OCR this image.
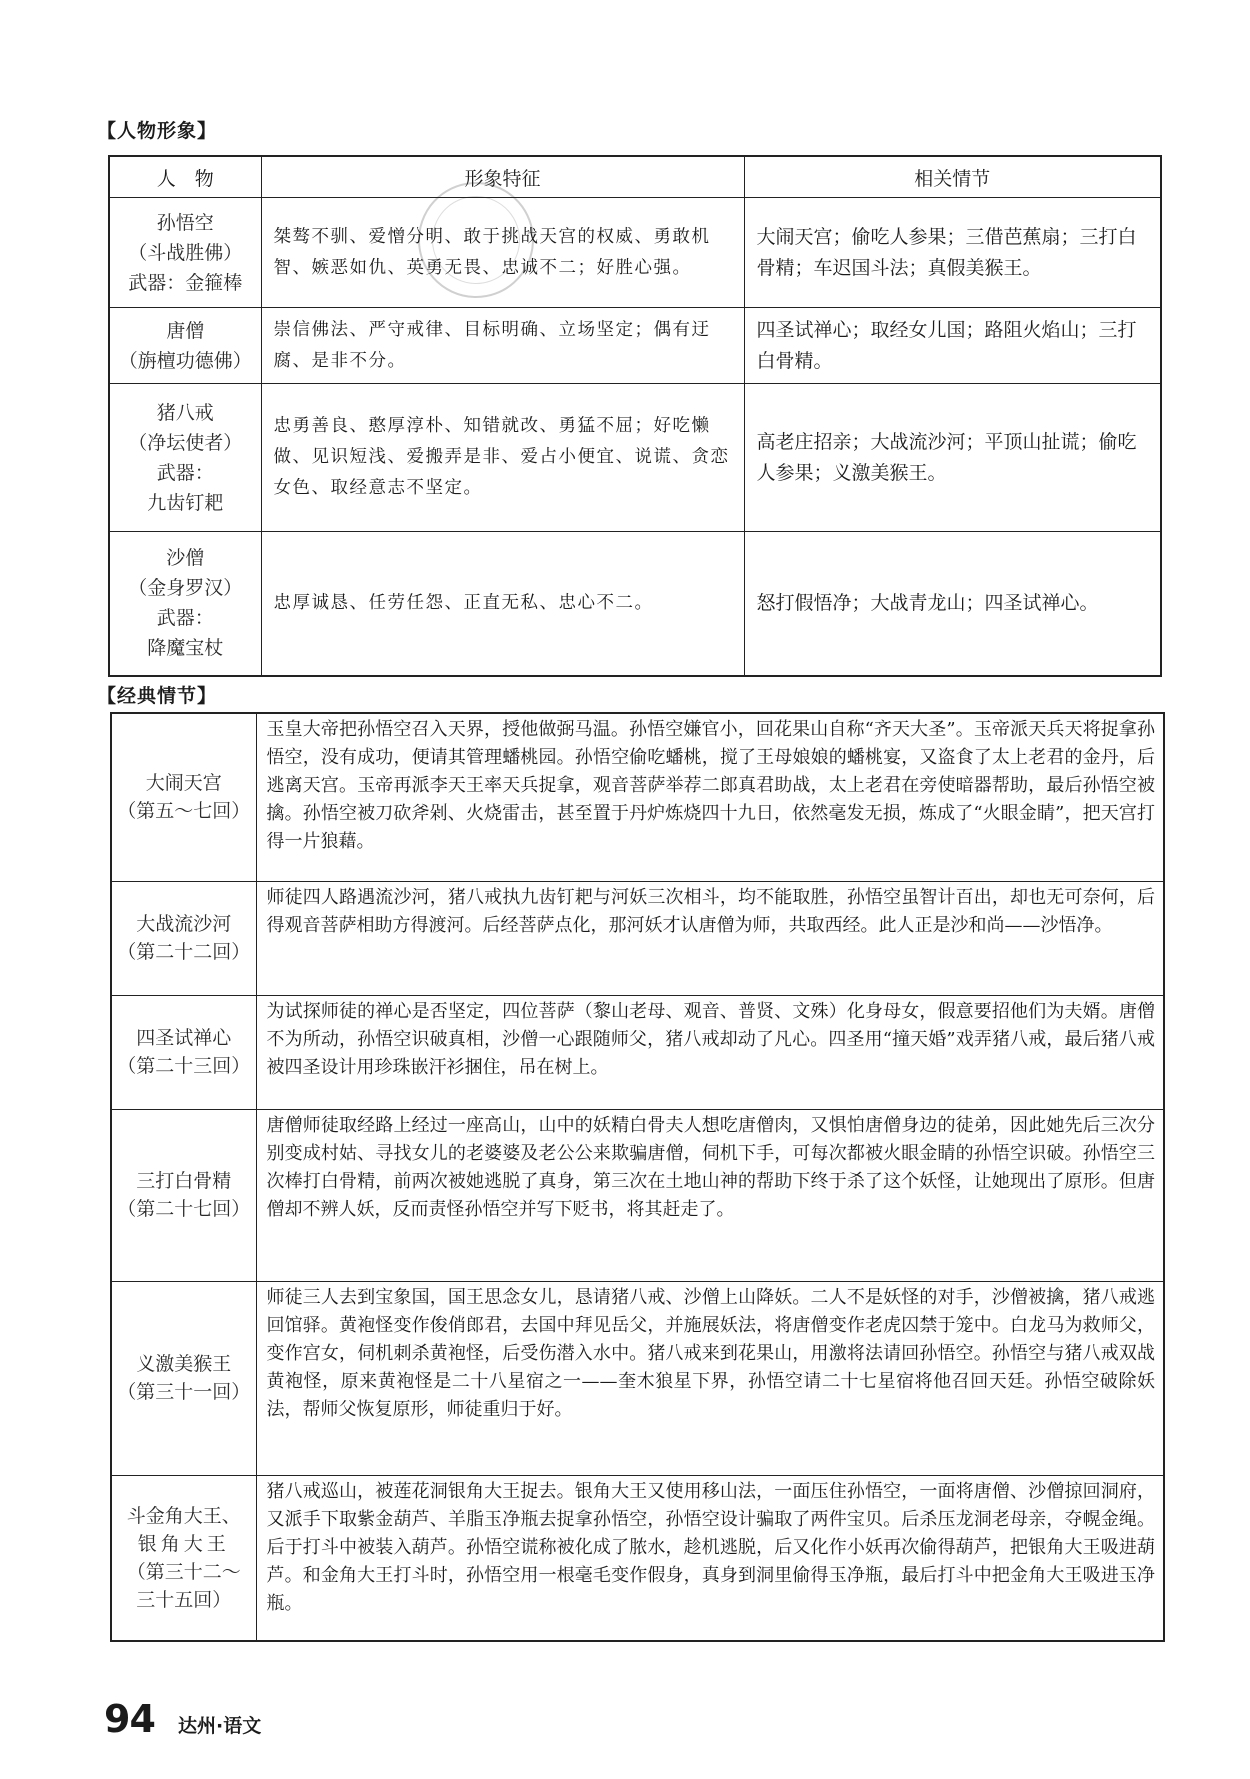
【人物形象】
人　物	形象特征	相关情节

孙悟空
（斗战胜佛）
武器：金箍棒	桀骜不驯、爱憎分明、敢于挑战天宫的权威、勇敢机智、嫉恶如仇、英勇无畏、忠诚不二；好胜心强。	大闹天宫；偷吃人参果；三借芭蕉扇；三打白骨精；车迟国斗法；真假美猴王。

唐僧
（旃檀功德佛）	崇信佛法、严守戒律、目标明确、立场坚定；偶有迂腐、是非不分。	四圣试禅心；取经女儿国；路阻火焰山；三打白骨精。

猪八戒
（净坛使者）
武器：
九齿钉耙	忠勇善良、憨厚淳朴、知错就改、勇猛不屈；好吃懒做、见识短浅、爱搬弄是非、爱占小便宜、说谎、贪恋女色、取经意志不坚定。	高老庄招亲；大战流沙河；平顶山扯谎；偷吃人参果；义激美猴王。

沙僧
（金身罗汉）
武器：
降魔宝杖	忠厚诚恳、任劳任怨、正直无私、忠心不二。	怒打假悟净；大战青龙山；四圣试禅心。
【经典情节】
大闹天宫
（第五～七回）	玉皇大帝把孙悟空召入天界，授他做弼马温。孙悟空嫌官小，回花果山自称“齐天大圣”。玉帝派天兵天将捉拿孙悟空，没有成功，便请其管理蟠桃园。孙悟空偷吃蟠桃，搅了王母娘娘的蟠桃宴，又盗食了太上老君的金丹，后逃离天宫。玉帝再派李天王率天兵捉拿，观音菩萨举荐二郎真君助战，太上老君在旁使暗器帮助，最后孙悟空被擒。孙悟空被刀砍斧剁、火烧雷击，甚至置于丹炉炼烧四十九日，依然毫发无损，炼成了“火眼金睛”，把天宫打得一片狼藉。

大战流沙河
（第二十二回）	师徒四人路遇流沙河，猪八戒执九齿钉耙与河妖三次相斗，均不能取胜，孙悟空虽智计百出，却也无可奈何，后得观音菩萨相助方得渡河。后经菩萨点化，那河妖才认唐僧为师，共取西经。此人正是沙和尚——沙悟净。

四圣试禅心
（第二十三回）	为试探师徒的禅心是否坚定，四位菩萨（黎山老母、观音、普贤、文殊）化身母女，假意要招他们为夫婿。唐僧不为所动，孙悟空识破真相，沙僧一心跟随师父，猪八戒却动了凡心。四圣用“撞天婚”戏弄猪八戒，最后猪八戒被四圣设计用珍珠嵌汗衫捆住，吊在树上。

三打白骨精
（第二十七回）	唐僧师徒取经路上经过一座高山，山中的妖精白骨夫人想吃唐僧肉，又惧怕唐僧身边的徒弟，因此她先后三次分别变成村姑、寻找女儿的老婆婆及老公公来欺骗唐僧，伺机下手，可每次都被火眼金睛的孙悟空识破。孙悟空三次棒打白骨精，前两次被她逃脱了真身，第三次在土地山神的帮助下终于杀了这个妖怪，让她现出了原形。但唐僧却不辨人妖，反而责怪孙悟空并写下贬书，将其赶走了。

义激美猴王
（第三十一回）	师徒三人去到宝象国，国王思念女儿，恳请猪八戒、沙僧上山降妖。二人不是妖怪的对手，沙僧被擒，猪八戒逃回馆驿。黄袍怪变作俊俏郎君，去国中拜见岳父，并施展妖法，将唐僧变作老虎囚禁于笼中。白龙马为救师父，变作宫女，伺机刺杀黄袍怪，后受伤潜入水中。猪八戒来到花果山，用激将法请回孙悟空。孙悟空与猪八戒双战黄袍怪，原来黄袍怪是二十八星宿之一——奎木狼星下界，孙悟空请二十七星宿将他召回天廷。孙悟空破除妖法，帮师父恢复原形，师徒重归于好。

斗金角大王、
银角大王
（第三十二～
三十五回）	猪八戒巡山，被莲花洞银角大王捉去。银角大王又使用移山法，一面压住孙悟空，一面将唐僧、沙僧掠回洞府，又派手下取紫金葫芦、羊脂玉净瓶去捉拿孙悟空，孙悟空设计骗取了两件宝贝。后杀压龙洞老母亲，夺幌金绳。后于打斗中被装入葫芦。孙悟空谎称被化成了脓水，趁机逃脱，后又化作小妖再次偷得葫芦，把银角大王吸进葫芦。和金角大王打斗时，孙悟空用一根毫毛变作假身，真身到洞里偷得玉净瓶，最后打斗中把金角大王吸进玉净瓶。
94 达州·语文
